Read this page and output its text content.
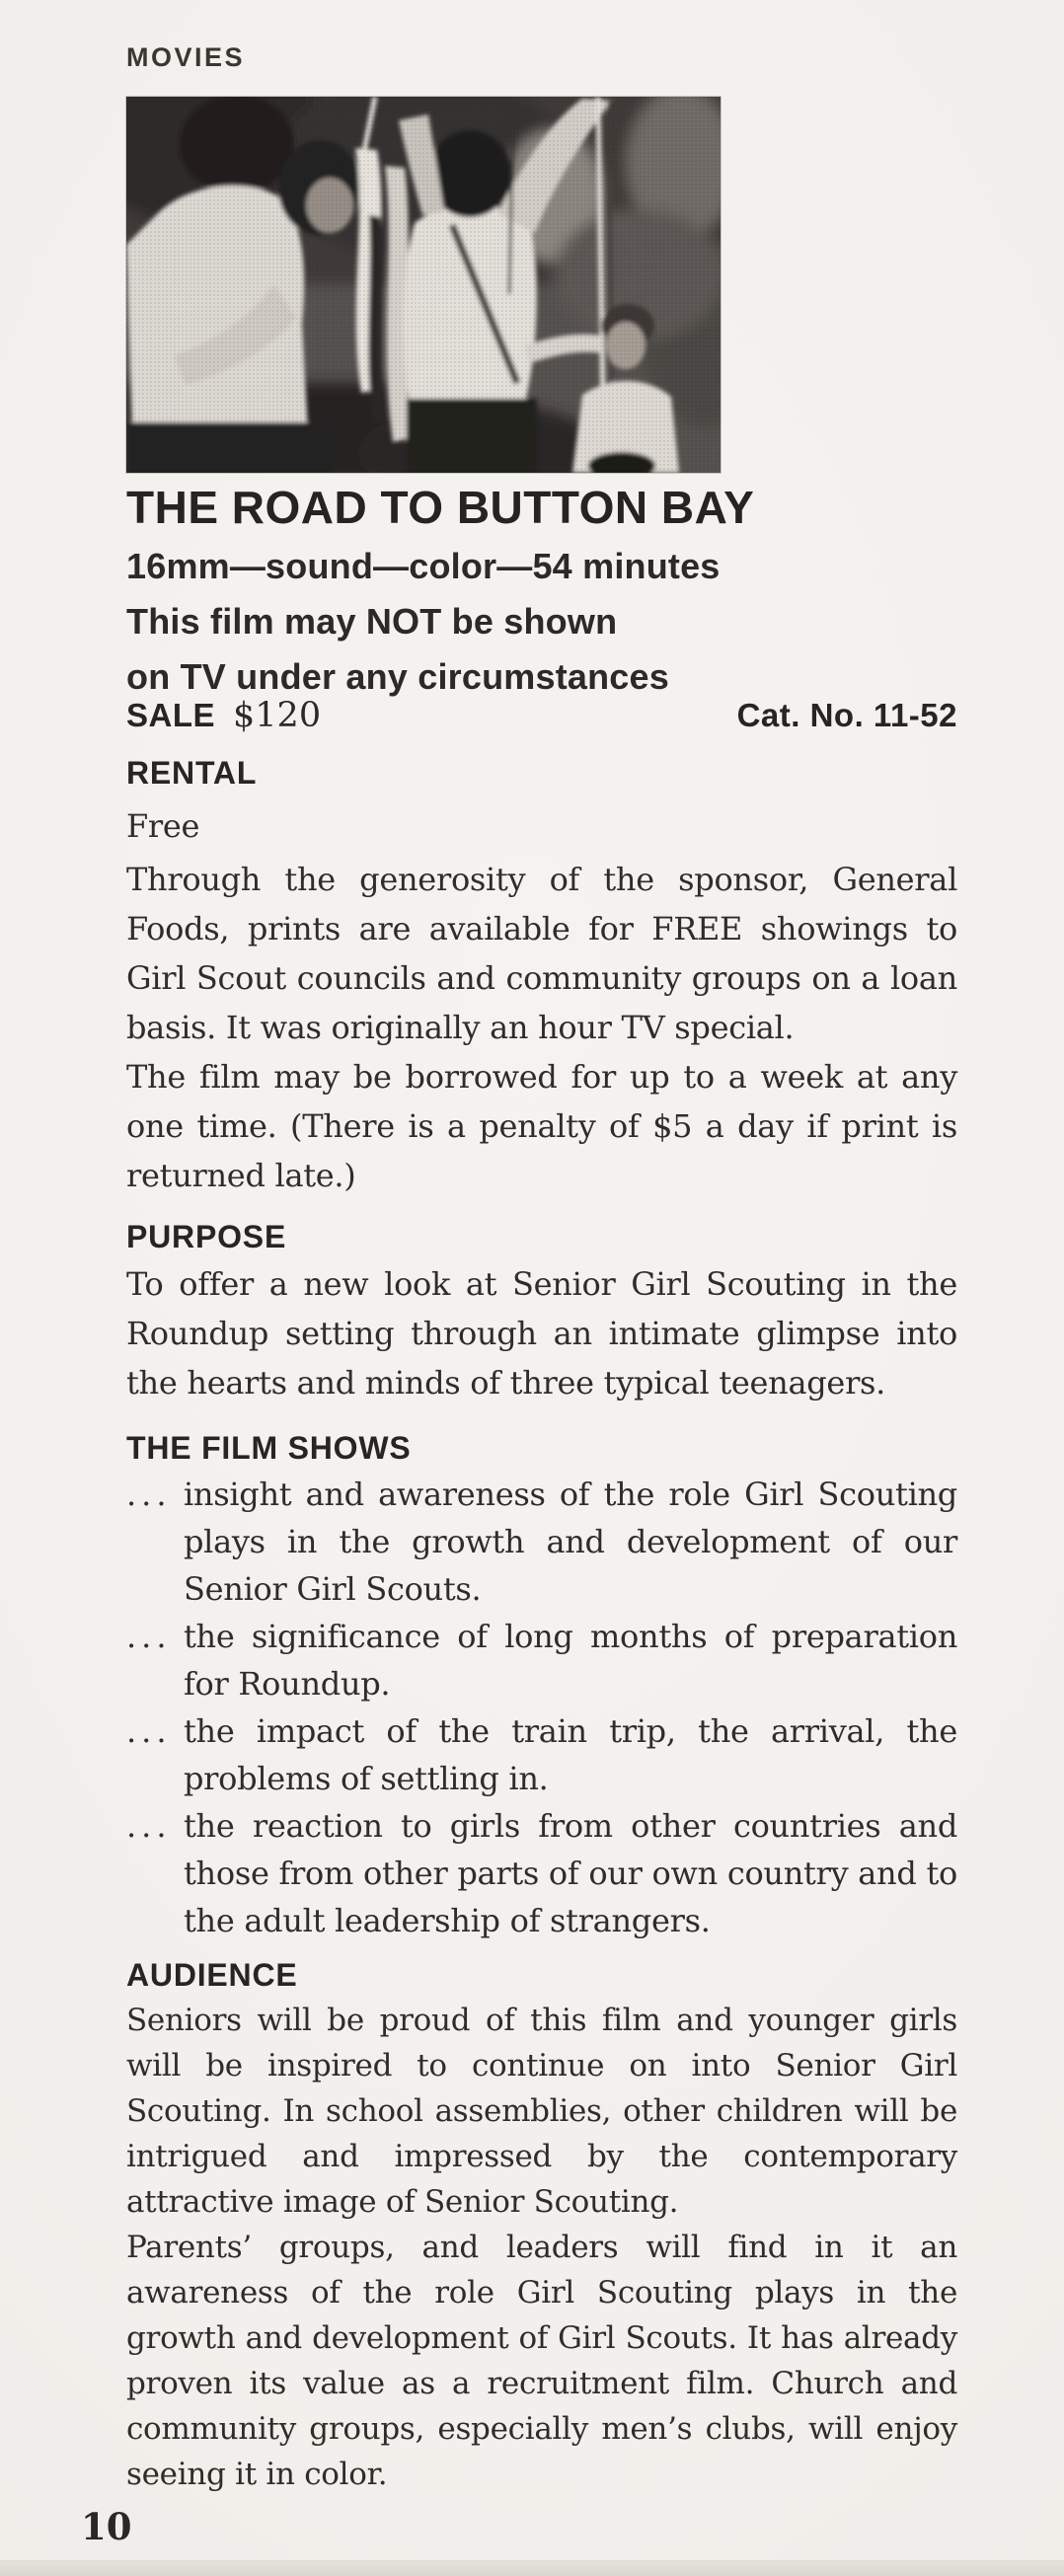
MOVIES
THE ROAD TO BUTTON BAY
16mm—sound—color—54 minutes
This film may NOT be shown
on TV under any circumstances
SALE $120	Cat. No. 11-52
RENTAL

Free

Through the generosity of the sponsor, General Foods, prints are available for FREE showings to Girl Scout councils and community groups on a loan basis. It was originally an hour TV special.

The film may be borrowed for up to a week at any one time. (There is a penalty of $5 a day if print is returned late.)

PURPOSE

To offer a new look at Senior Girl Scouting in the Roundup setting through an intimate glimpse into the hearts and minds of three typical teenagers.

THE FILM SHOWS
... insight and awareness of the role Girl Scouting plays in the growth and development of our Senior Girl Scouts.
... the significance of long months of preparation for Roundup.
... the impact of the train trip, the arrival, the problems of settling in.
... the reaction to girls from other countries and those from other parts of our own country and to the adult leadership of strangers.
AUDIENCE

Seniors will be proud of this film and younger girls will be inspired to continue on into Senior Girl Scouting. In school assemblies, other children will be intrigued and impressed by the contemporary attractive image of Senior Scouting.

Parents’ groups, and leaders will find in it an awareness of the role Girl Scouting plays in the growth and development of Girl Scouts. It has already proven its value as a recruitment film. Church and community groups, especially men’s clubs, will enjoy seeing it in color.

10
